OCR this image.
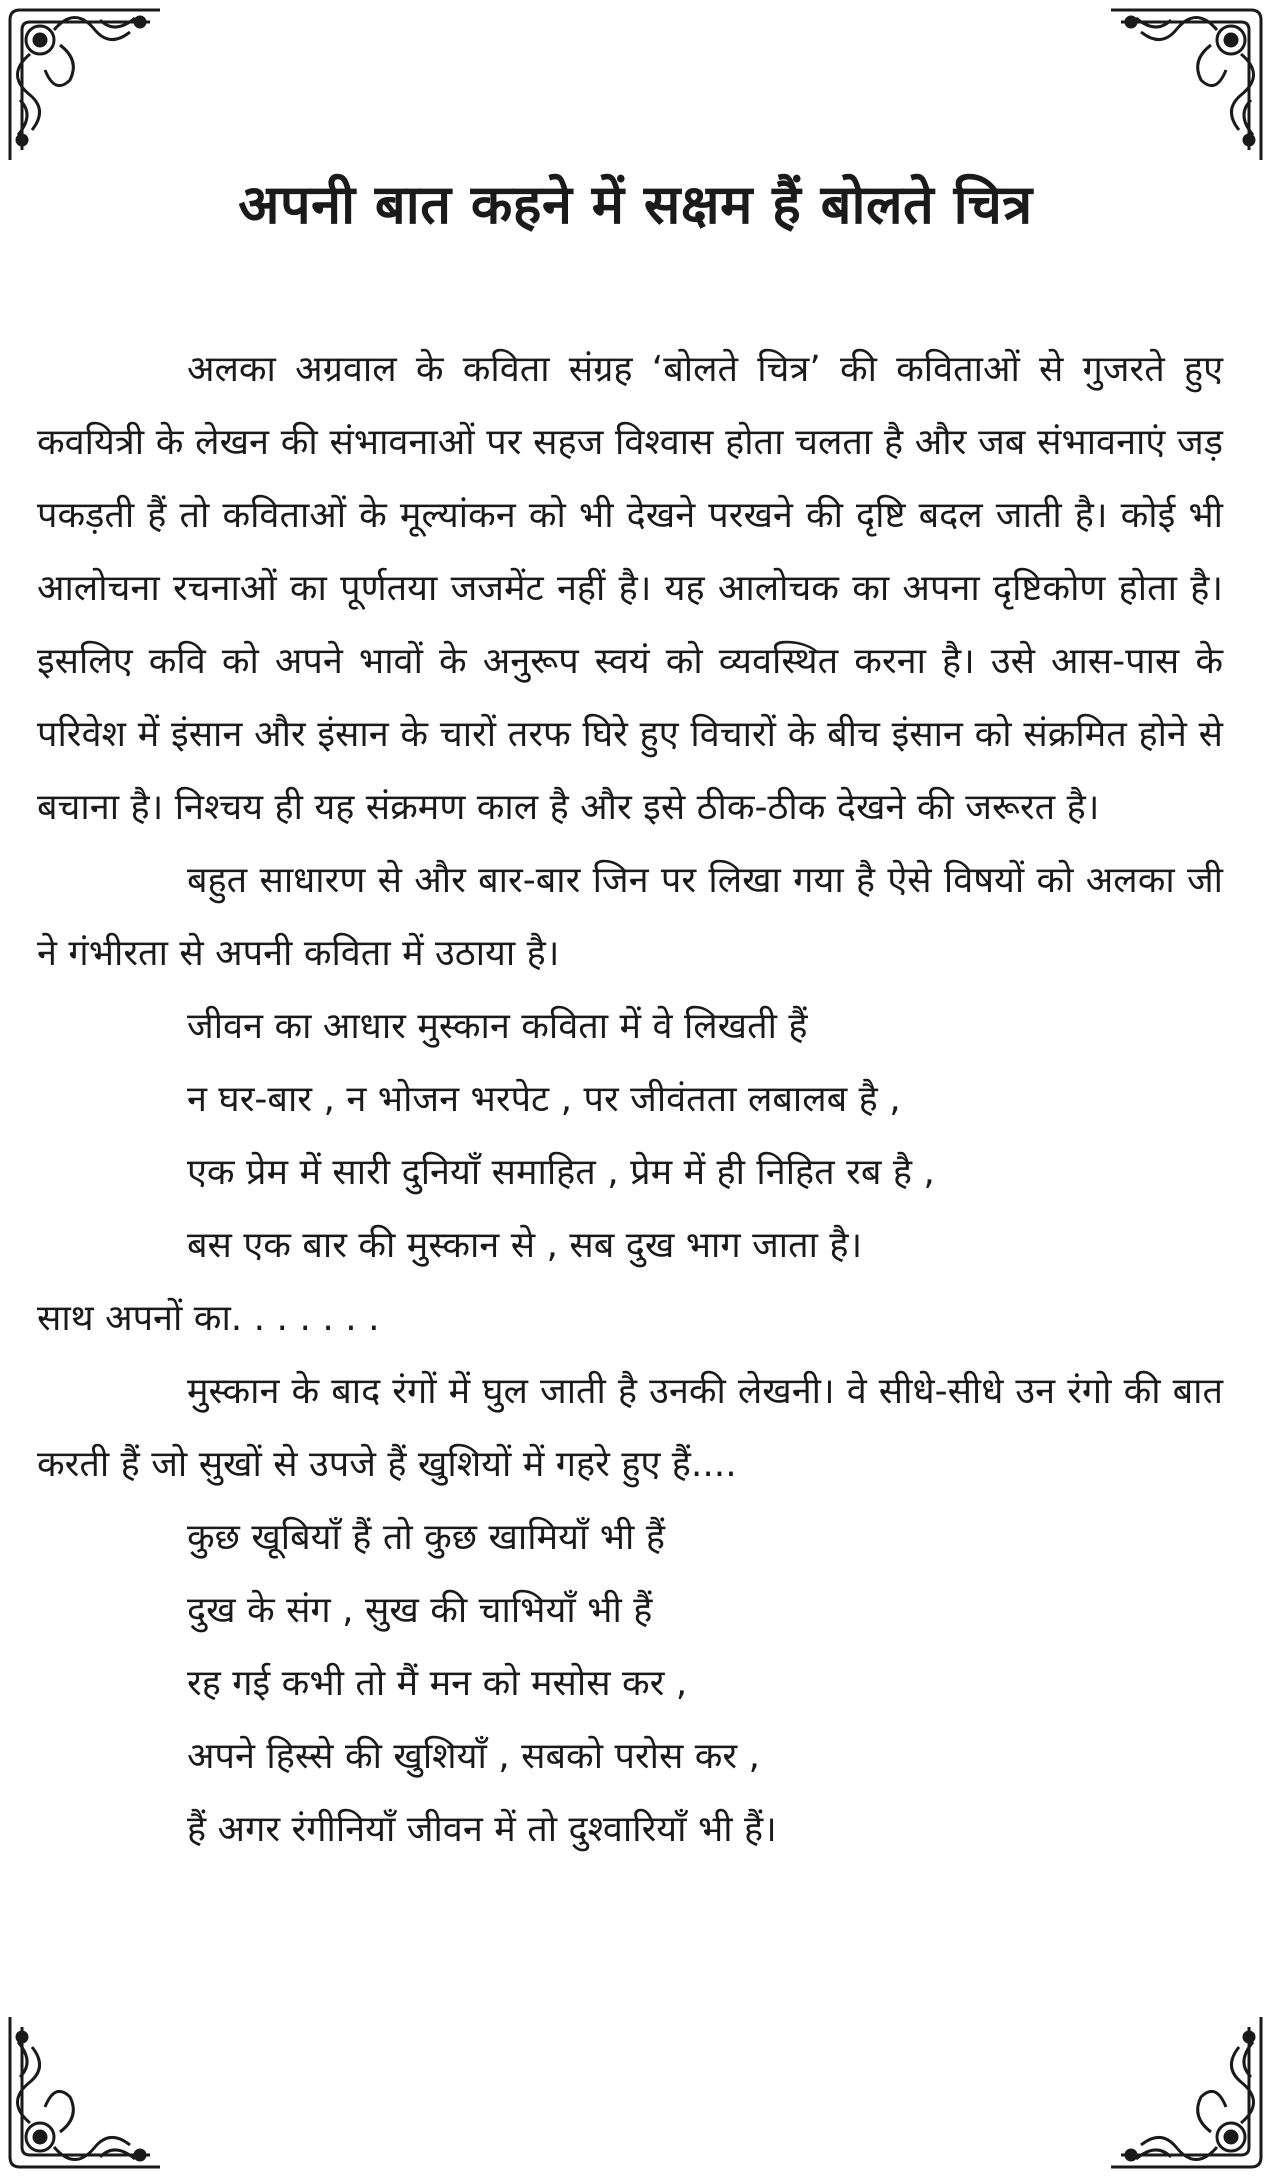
अपनी बात कहने में सक्षम हैं बोलते चित्र

अलका अग्रवाल के कविता संग्रह ‘बोलते चित्र’ की कविताओं से गुजरते हुए कवयित्री के लेखन की संभावनाओं पर सहज विश्वास होता चलता है और जब संभावनाएं जड़ पकड़ती हैं तो कविताओं के मूल्यांकन को भी देखने परखने की दृष्टि बदल जाती है। कोई भी आलोचना रचनाओं का पूर्णतया जजमेंट नहीं है। यह आलोचक का अपना दृष्टिकोण होता है। इसलिए कवि को अपने भावों के अनुरूप स्वयं को व्यवस्थित करना है। उसे आस-पास के परिवेश में इंसान और इंसान के चारों तरफ घिरे हुए विचारों के बीच इंसान को संक्रमित होने से बचाना है। निश्चय ही यह संक्रमण काल है और इसे ठीक-ठीक देखने की जरूरत है।

बहुत साधारण से और बार-बार जिन पर लिखा गया है ऐसे विषयों को अलका जी ने गंभीरता से अपनी कविता में उठाया है।

जीवन का आधार मुस्कान कविता में वे लिखती हैं

न घर-बार , न भोजन भरपेट , पर जीवंतता लबालब है ,

एक प्रेम में सारी दुनियाँ समाहित , प्रेम में ही निहित रब है ,

बस एक बार की मुस्कान से , सब दुख भाग जाता है।

साथ अपनों का. . . . . . .

मुस्कान के बाद रंगों में घुल जाती है उनकी लेखनी। वे सीधे-सीधे उन रंगो की बात करती हैं जो सुखों से उपजे हैं खुशियों में गहरे हुए हैं....

कुछ खूबियाँ हैं तो कुछ खामियाँ भी हैं

दुख के संग , सुख की चाभियाँ भी हैं

रह गई कभी तो मैं मन को मसोस कर ,

अपने हिस्से की खुशियाँ , सबको परोस कर ,

हैं अगर रंगीनियाँ जीवन में तो दुश्वारियाँ भी हैं।
